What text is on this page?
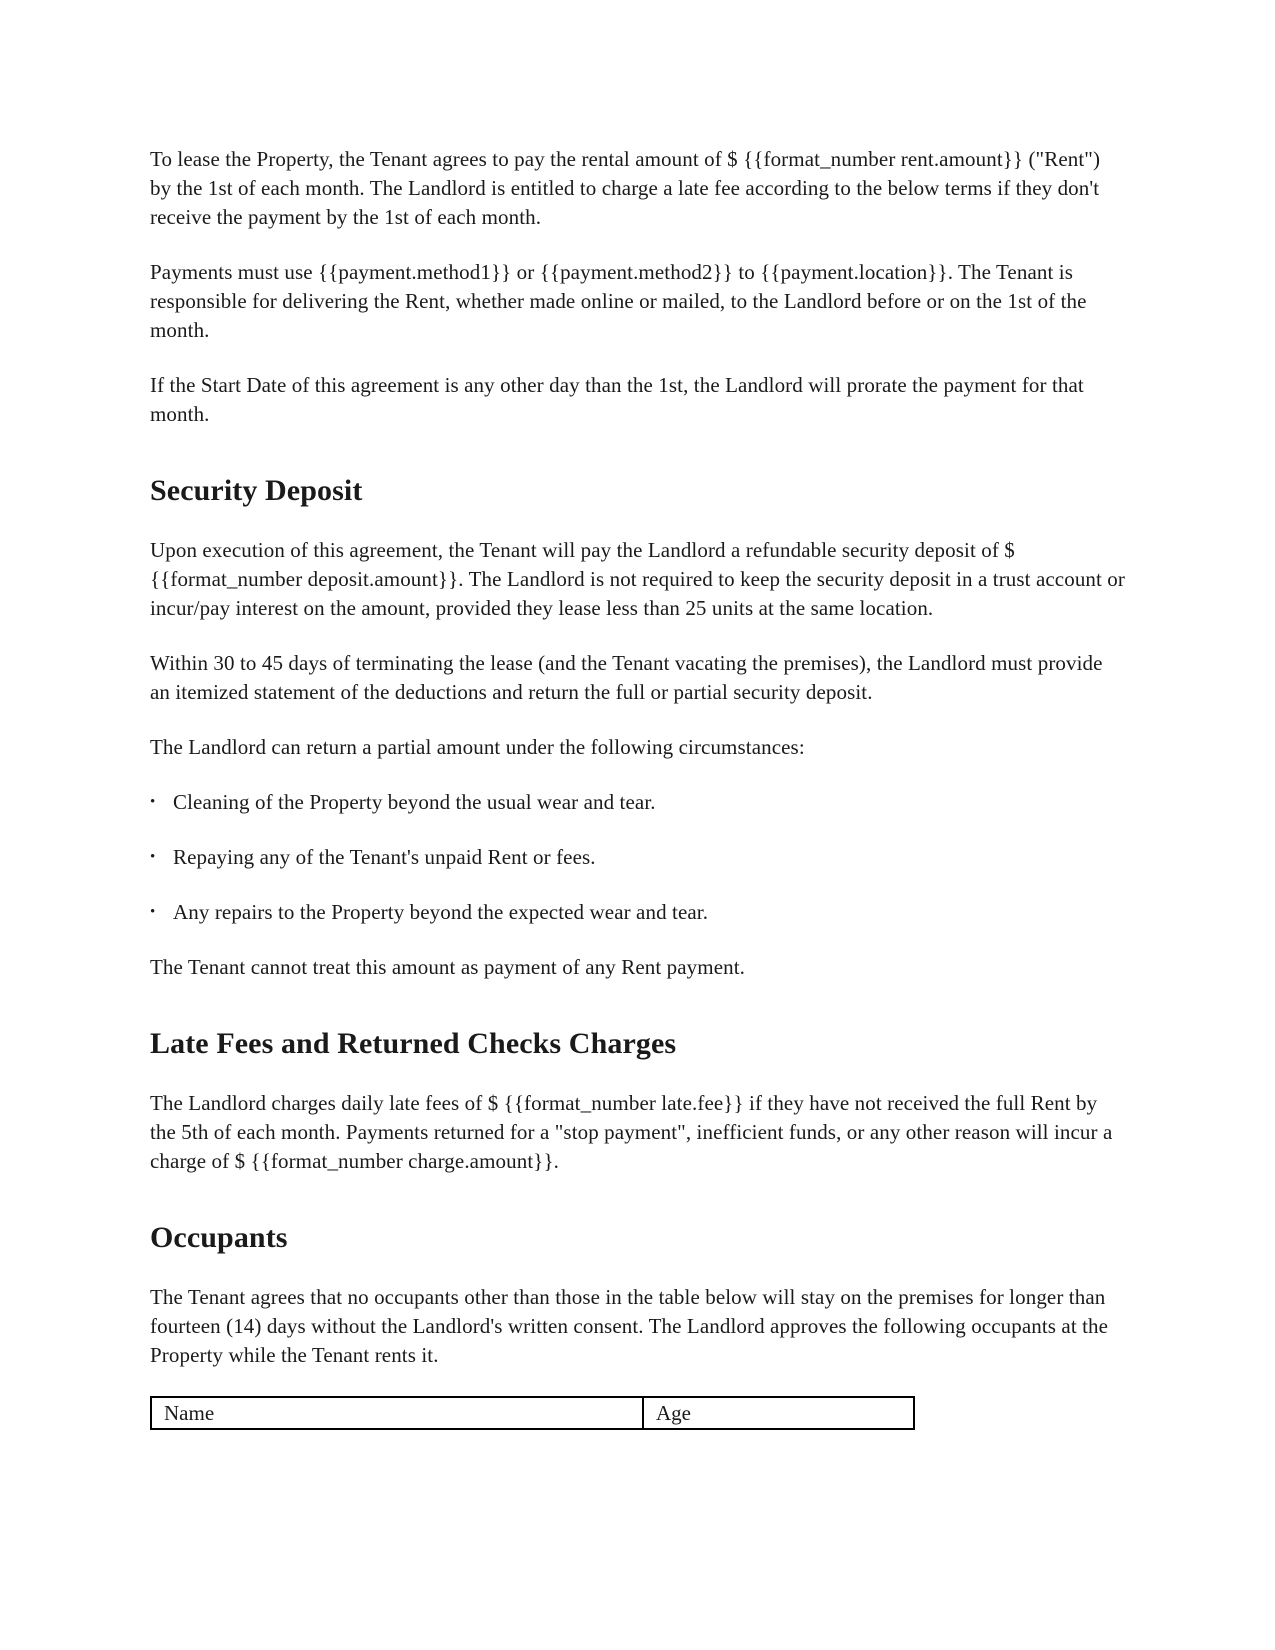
To lease the Property, the Tenant agrees to pay the rental amount of $ {{format_number rent.amount}} ("Rent") by the 1st of each month. The Landlord is entitled to charge a late fee according to the below terms if they don't receive the payment by the 1st of each month.

Payments must use {{payment.method1}} or {{payment.method2}} to {{payment.location}}. The Tenant is responsible for delivering the Rent, whether made online or mailed, to the Landlord before or on the 1st of the month.

If the Start Date of this agreement is any other day than the 1st, the Landlord will prorate the payment for that month.

Security Deposit

Upon execution of this agreement, the Tenant will pay the Landlord a refundable security deposit of $ {{format_number deposit.amount}}. The Landlord is not required to keep the security deposit in a trust account or incur/pay interest on the amount, provided they lease less than 25 units at the same location.

Within 30 to 45 days of terminating the lease (and the Tenant vacating the premises), the Landlord must provide an itemized statement of the deductions and return the full or partial security deposit.

The Landlord can return a partial amount under the following circumstances:

• Cleaning of the Property beyond the usual wear and tear.

• Repaying any of the Tenant's unpaid Rent or fees.

• Any repairs to the Property beyond the expected wear and tear.

The Tenant cannot treat this amount as payment of any Rent payment.

Late Fees and Returned Checks Charges

The Landlord charges daily late fees of $ {{format_number late.fee}} if they have not received the full Rent by the 5th of each month. Payments returned for a "stop payment", inefficient funds, or any other reason will incur a charge of $ {{format_number charge.amount}}.

Occupants

The Tenant agrees that no occupants other than those in the table below will stay on the premises for longer than fourteen (14) days without the Landlord's written consent. The Landlord approves the following occupants at the Property while the Tenant rents it.

Name	Age
